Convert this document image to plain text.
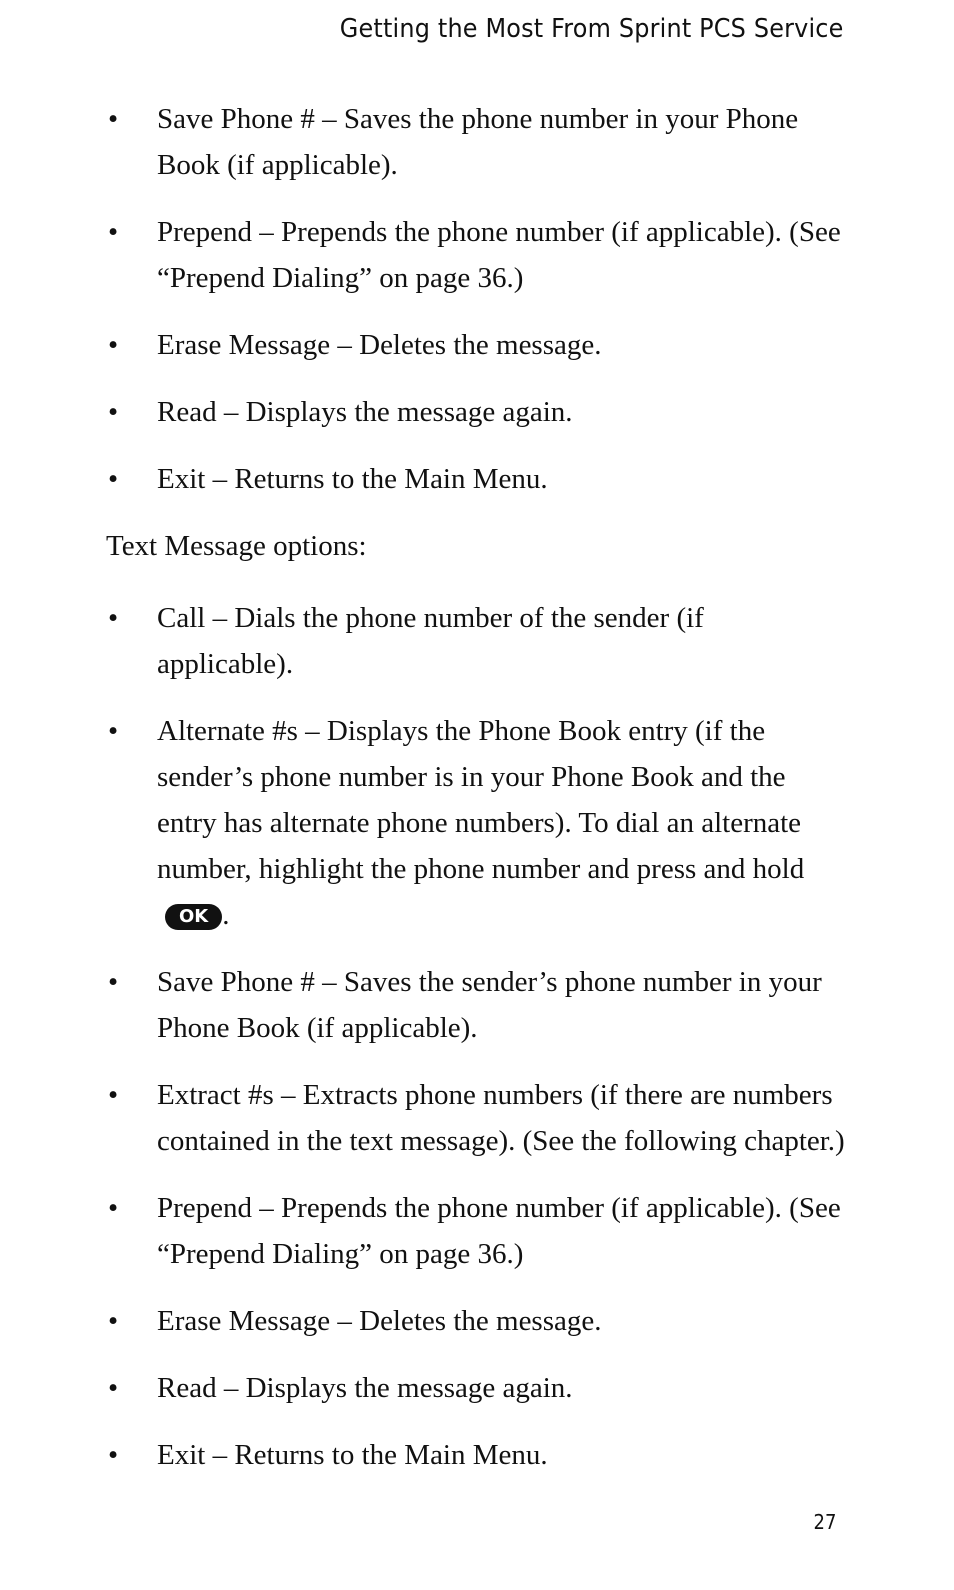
Getting the Most From Sprint PCS Service
• Save Phone # – Saves the phone number in your Phone Book (if applicable).
• Prepend – Prepends the phone number (if applicable). (See “Prepend Dialing” on page 36.)
• Erase Message – Deletes the message.
• Read – Displays the message again.
• Exit – Returns to the Main Menu.

Text Message options:

• Call – Dials the phone number of the sender (if applicable).
• Alternate #s – Displays the Phone Book entry (if the sender’s phone number is in your Phone Book and the entry has alternate phone numbers). To dial an alternate number, highlight the phone number and press and holdOK .
• Save Phone # – Saves the sender’s phone number in your Phone Book (if applicable).
• Extract #s – Extracts phone numbers (if there are numbers contained in the text message). (See the following chapter.)
• Prepend – Prepends the phone number (if applicable). (See “Prepend Dialing” on page 36.)
• Erase Message – Deletes the message.
• Read – Displays the message again.
• Exit – Returns to the Main Menu.
27
